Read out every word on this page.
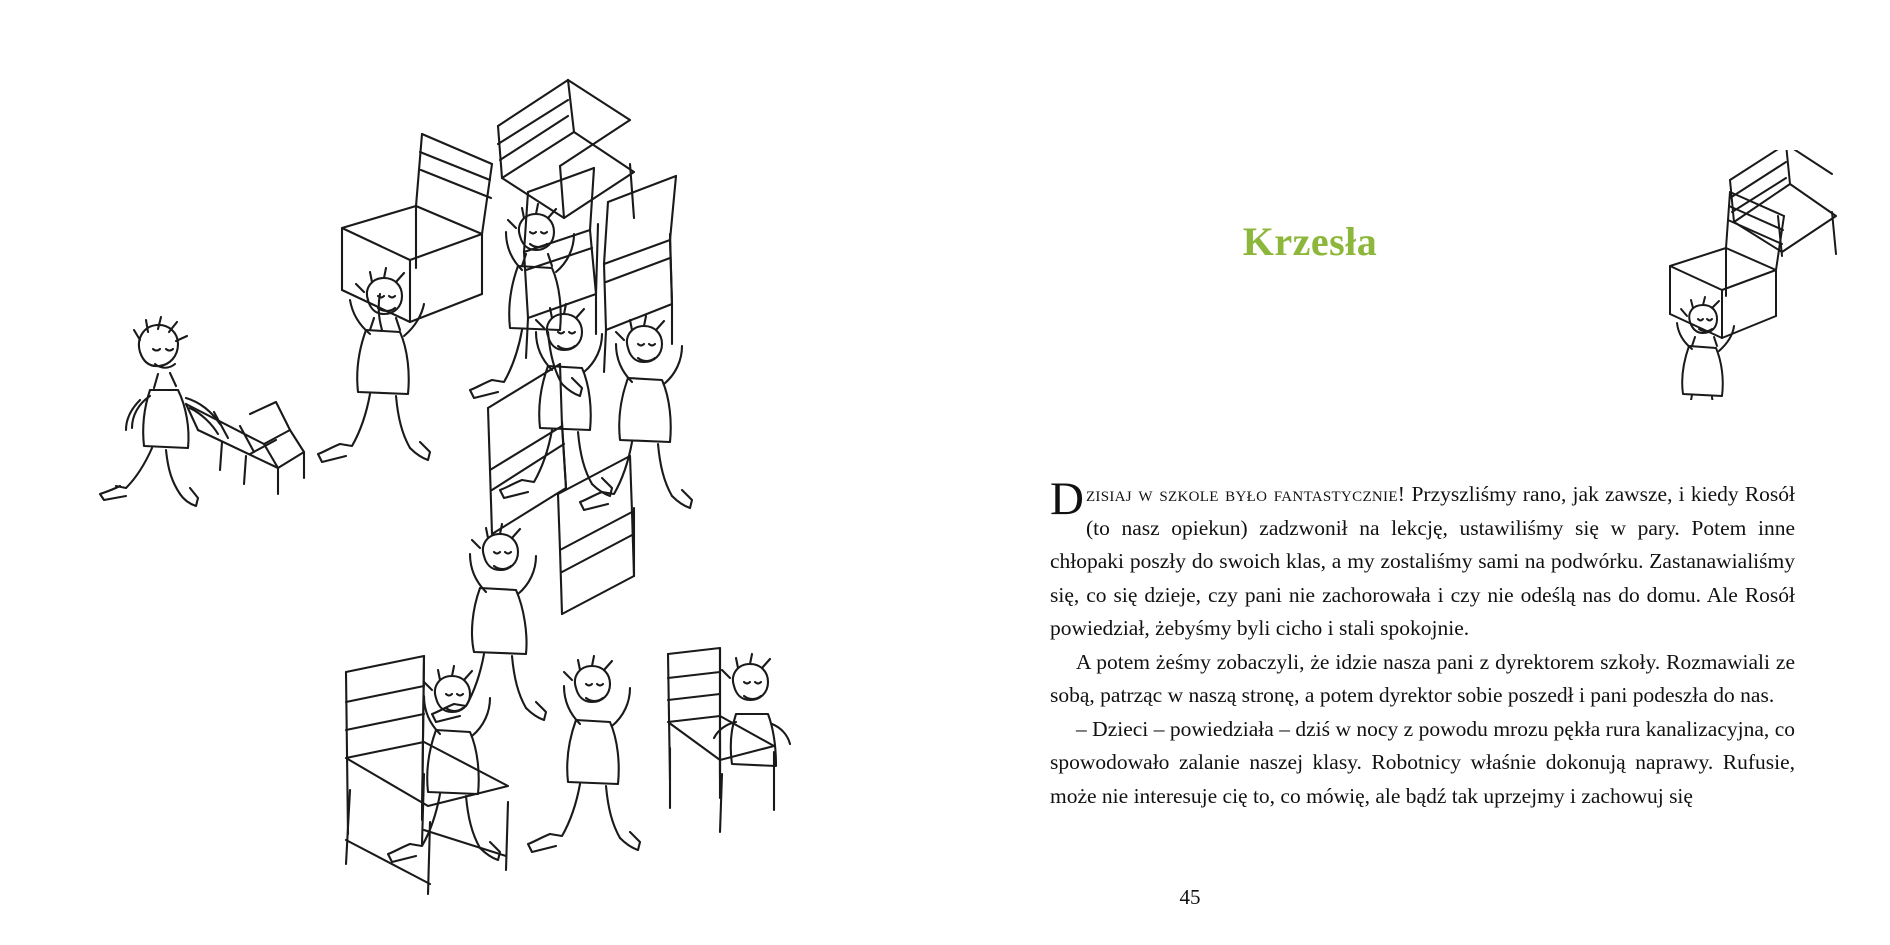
Krzesła

Dzisiaj w szkole było fantastycznie! Przyszliśmy rano, jak zawsze, i kiedy Rosół (to nasz opiekun) zadzwonił na lekcję, ustawiliśmy się w pary. Potem inne chłopaki poszły do swoich klas, a my zostaliśmy sami na podwórku. Zastanawialiśmy się, co się dzieje, czy pani nie zachorowała i czy nie odeślą nas do domu. Ale Rosół powiedział, żebyśmy byli cicho i stali spokojnie.

A potem żeśmy zobaczyli, że idzie nasza pani z dyrektorem szkoły. Rozmawiali ze sobą, patrząc w naszą stronę, a potem dyrektor sobie poszedł i pani podeszła do nas.

– Dzieci – powiedziała – dziś w nocy z powodu mrozu pękła rura kanalizacyjna, co spowodowało zalanie naszej klasy. Robotnicy właśnie dokonują naprawy. Rufusie, może nie interesuje cię to, co mówię, ale bądź tak uprzejmy i zachowuj się

45
